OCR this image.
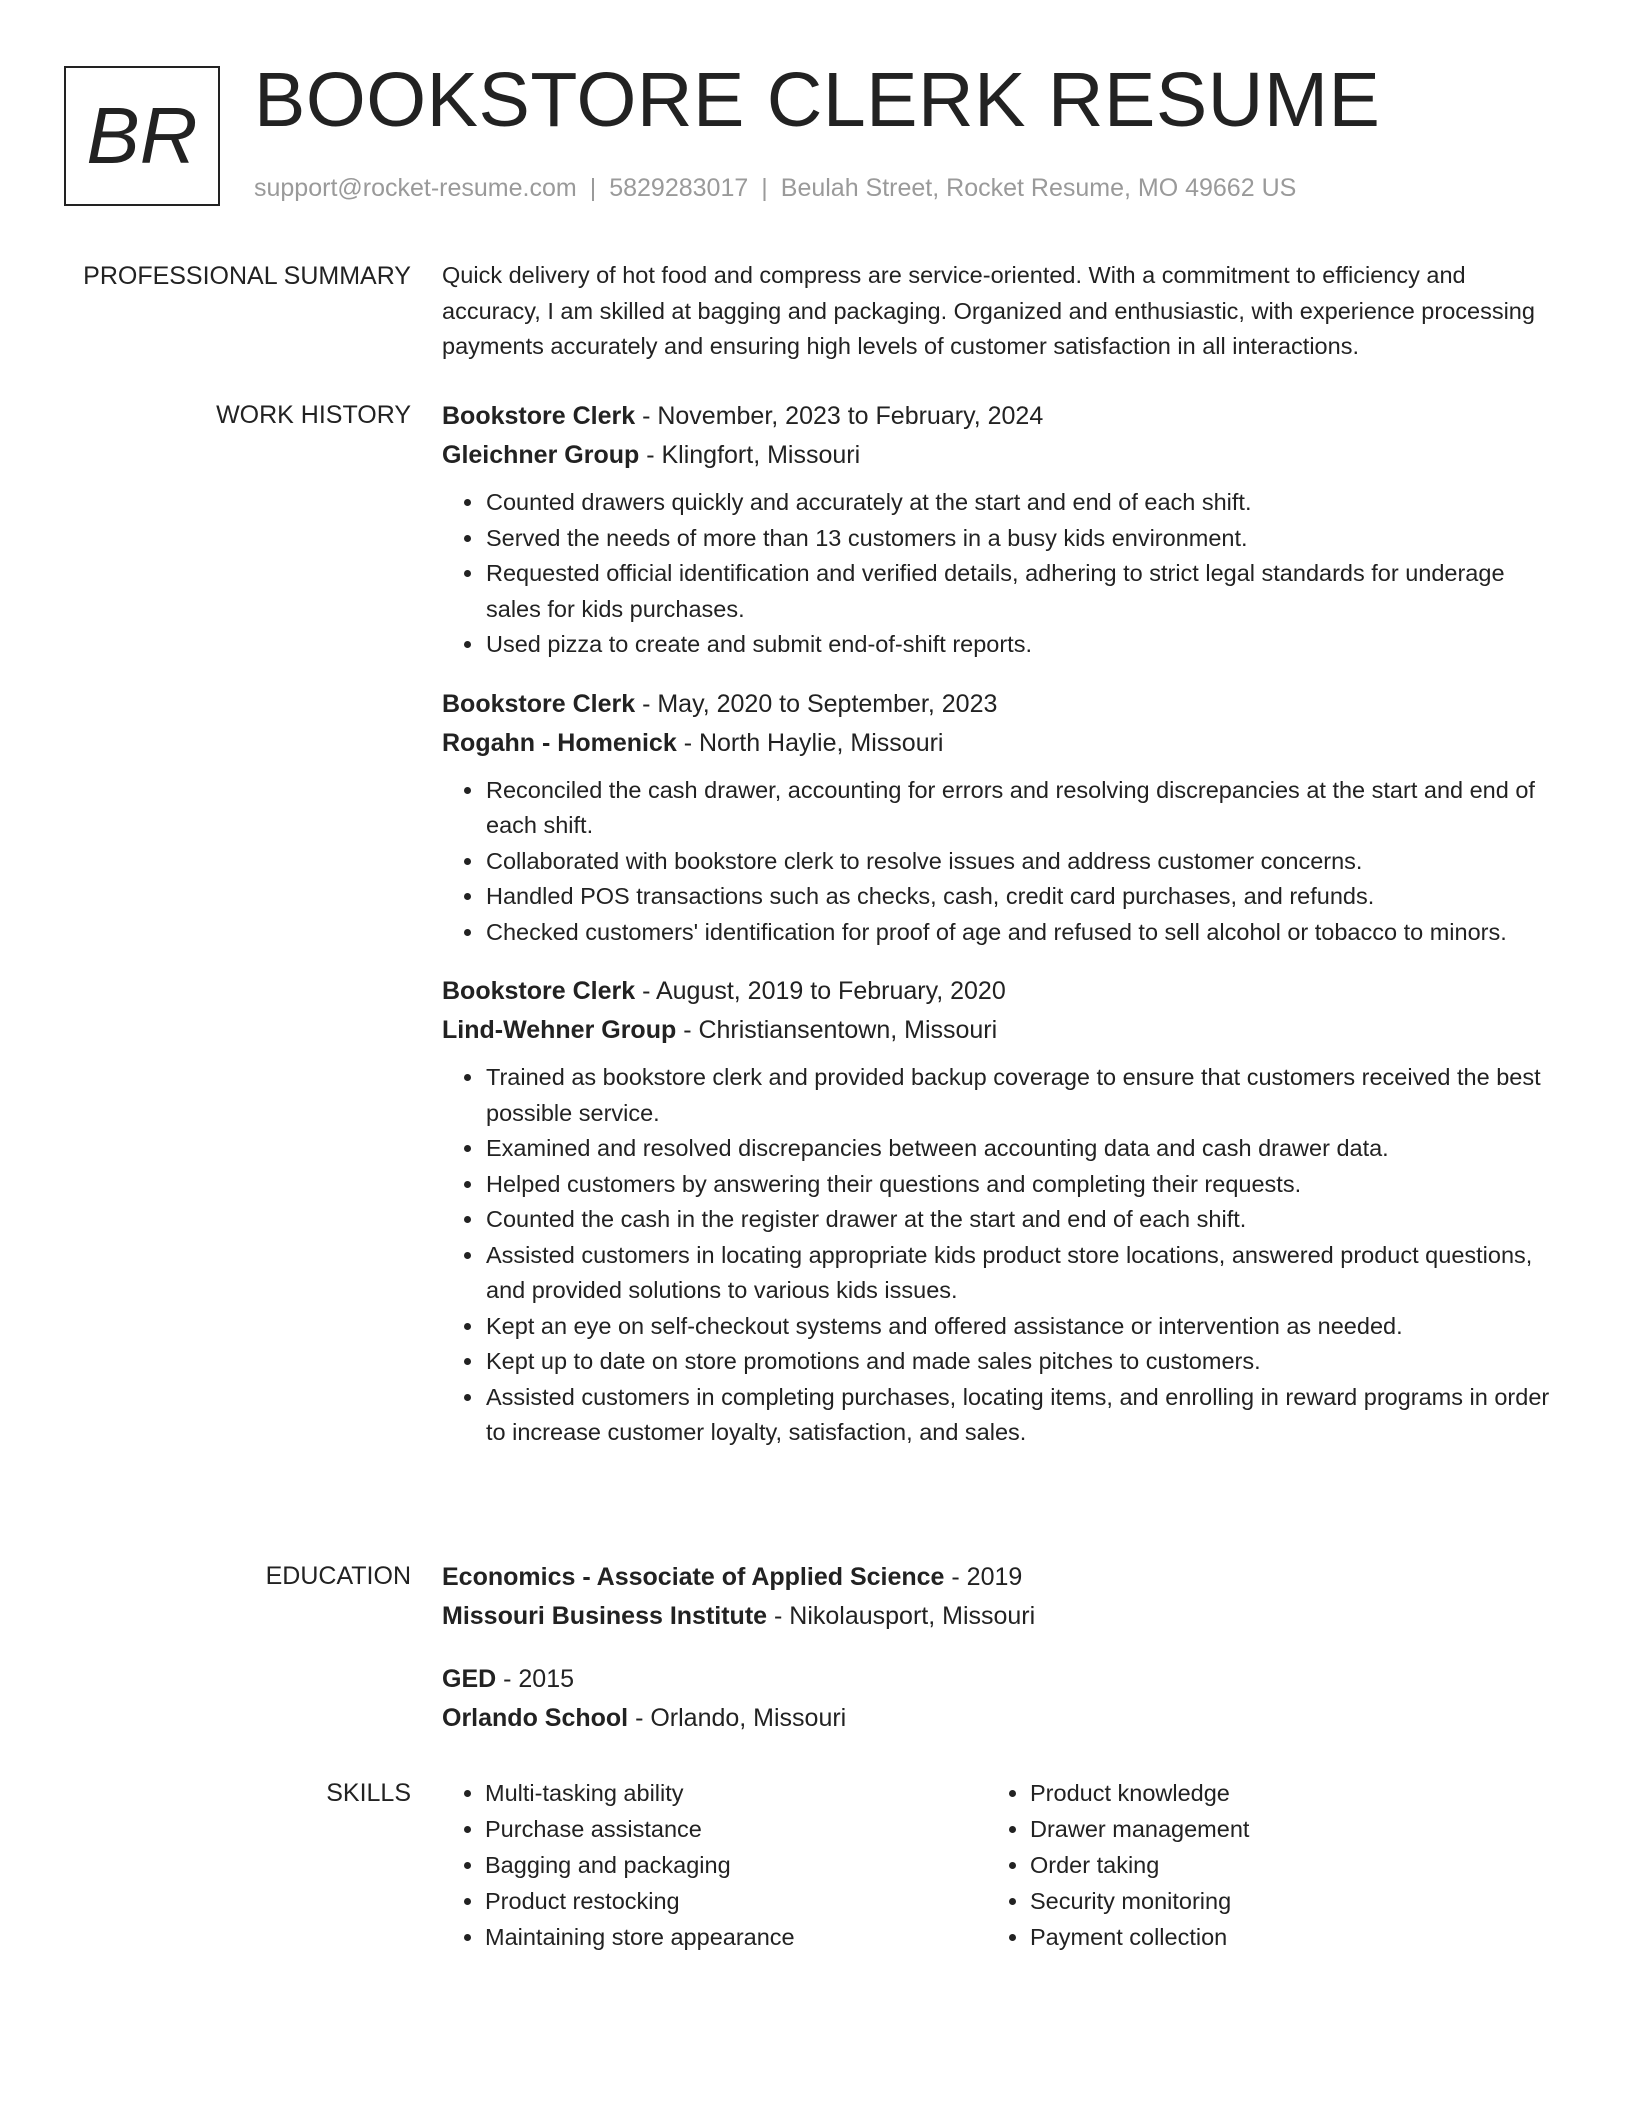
BR BOOKSTORE CLERK RESUME
support@rocket-resume.com | 5829283017 | Beulah Street, Rocket Resume, MO 49662 US
PROFESSIONAL SUMMARY Quick delivery of hot food and compress are service-oriented. With a commitment to efficiency and accuracy, I am skilled at bagging and packaging. Organized and enthusiastic, with experience processing payments accurately and ensuring high levels of customer satisfaction in all interactions.

WORK HISTORY Bookstore Clerk - November, 2023 to February, 2024
Gleichner Group - Klingfort, Missouri
• Counted drawers quickly and accurately at the start and end of each shift.
• Served the needs of more than 13 customers in a busy kids environment.
• Requested official identification and verified details, adhering to strict legal standards for underage sales for kids purchases.
• Used pizza to create and submit end-of-shift reports.
Bookstore Clerk - May, 2020 to September, 2023
Rogahn - Homenick - North Haylie, Missouri
• Reconciled the cash drawer, accounting for errors and resolving discrepancies at the start and end of each shift.
• Collaborated with bookstore clerk to resolve issues and address customer concerns.
• Handled POS transactions such as checks, cash, credit card purchases, and refunds.
• Checked customers' identification for proof of age and refused to sell alcohol or tobacco to minors.
Bookstore Clerk - August, 2019 to February, 2020
Lind-Wehner Group - Christiansentown, Missouri
• Trained as bookstore clerk and provided backup coverage to ensure that customers received the best possible service.
• Examined and resolved discrepancies between accounting data and cash drawer data.
• Helped customers by answering their questions and completing their requests.
• Counted the cash in the register drawer at the start and end of each shift.
• Assisted customers in locating appropriate kids product store locations, answered product questions, and provided solutions to various kids issues.
• Kept an eye on self-checkout systems and offered assistance or intervention as needed.
• Kept up to date on store promotions and made sales pitches to customers.
• Assisted customers in completing purchases, locating items, and enrolling in reward programs in order to increase customer loyalty, satisfaction, and sales.
EDUCATION Economics - Associate of Applied Science - 2019
Missouri Business Institute - Nikolausport, Missouri
GED - 2015
Orlando School - Orlando, Missouri
SKILLS
•	Multi-tasking ability
• Purchase assistance
• Bagging and packaging
• Product restocking
• Maintaining store appearance
• Product knowledge
• Drawer management
• Order taking
• Security monitoring
• Payment collection
